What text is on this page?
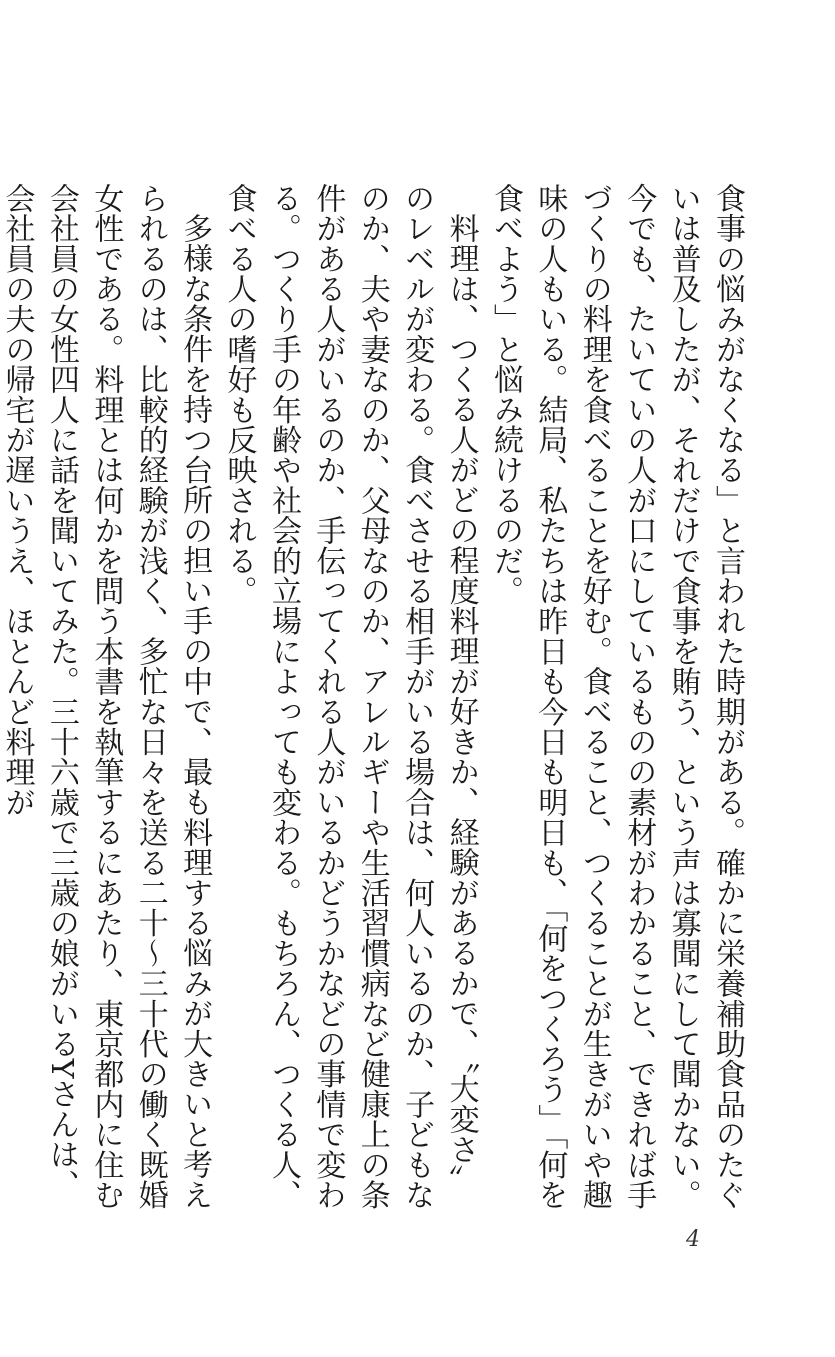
食事の悩みがなくなる」と言われた時期がある。確かに栄養補助食品のたぐいは普及したが、それだけで食事を賄う、という声は寡聞にして聞かない。今でも、たいていの人が口にしているものの素材がわかること、できれば手づくりの料理を食べることを好む。食べること、つくることが生きがいや趣味の人もいる。結局、私たちは昨日も今日も明日も、「何をつくろう」「何を食べよう」と悩み続けるのだ。

料理は、つくる人がどの程度料理が好きか、経験があるかで、〝大変さ〟のレベルが変わる。食べさせる相手がいる場合は、何人いるのか、子どもなのか、夫や妻なのか、父母なのか、アレルギーや生活習慣病など健康上の条件がある人がいるのか、手伝ってくれる人がいるかどうかなどの事情で変わる。つくり手の年齢や社会的立場によっても変わる。もちろん、つくる人、食べる人の嗜好も反映される。

多様な条件を持つ台所の担い手の中で、最も料理する悩みが大きいと考えられるのは、比較的経験が浅く、多忙な日々を送る二十〜三十代の働く既婚女性である。料理とは何かを問う本書を執筆するにあたり、東京都内に住む会社員の女性四人に話を聞いてみた。三十六歳で三歳の娘がいるYさんは、会社員の夫の帰宅が遅いうえ、ほとんど料理が

4
